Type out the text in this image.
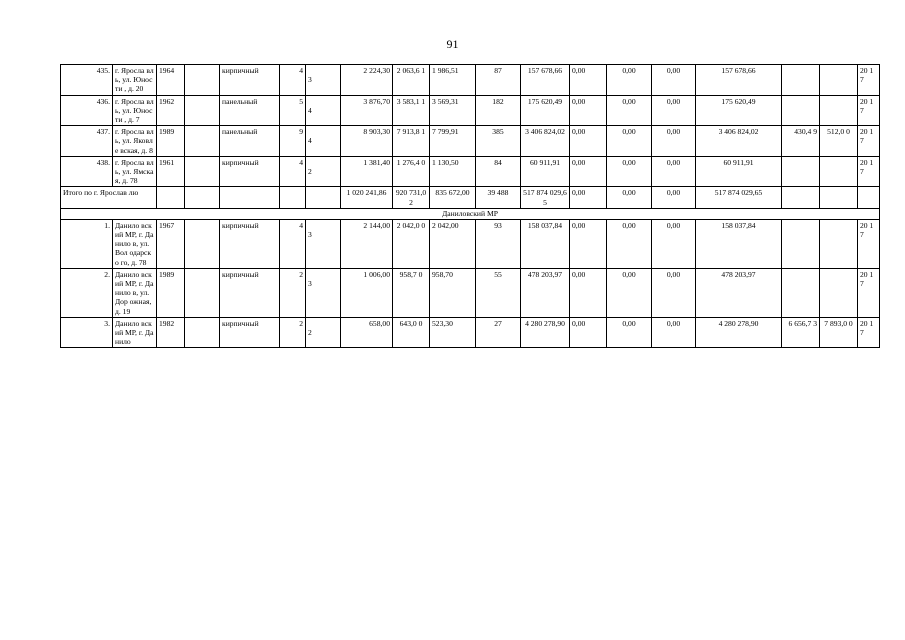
91
435.	г. Яросла вль, ул. Юности , д. 20	1964		кирпичный	4	3	2 224,30	2 063,6 1	1 986,51	87	157 678,66	0,00	0,00	0,00	157 678,66			20 17
436.	г. Яросла вль, ул. Юности , д. 7	1962		панельный	5	4	3 876,70	3 583,1 1	3 569,31	182	175 620,49	0,00	0,00	0,00	175 620,49			20 17
437.	г. Яросла вль, ул. Яковле вская, д. 8	1989		панельный	9	4	8 903,30	7 913,8 1	7 799,91	385	3 406 824,02	0,00	0,00	0,00	3 406 824,02	430,4 9	512,0 0	20 17
438.	г. Яросла вль, ул. Ямская, д. 78	1961		кирпичный	4	2	1 381,40	1 276,4 0	1 130,50	84	60 911,91	0,00	0,00	0,00	60 911,91			20 17
Итого по г. Ярослав лю							1 020 241,86	920 731,0 2	835 672,00	39 488	517 874 029,65	0,00	0,00	0,00	517 874 029,65			
Даниловский МР																		
1.	Данило вский МР, г. Данило в, ул. Вол одарско го, д. 78	1967		кирпичный	4	3	2 144,00	2 042,0 0	2 042,00	93	158 037,84	0,00	0,00	0,00	158 037,84			20 17
2.	Данило вский МР, г. Данило в, ул. Дор ожная, д. 19	1989		кирпичный	2	3	1 006,00	958,7 0	958,70	55	478 203,97	0,00	0,00	0,00	478 203,97			20 17
3.	Данило вский МР, г. Данило	1982		кирпичный	2	2	658,00	643,0 0	523,30	27	4 280 278,90	0,00	0,00	0,00	4 280 278,90	6 656,7 3	7 893,0 0	20 17
